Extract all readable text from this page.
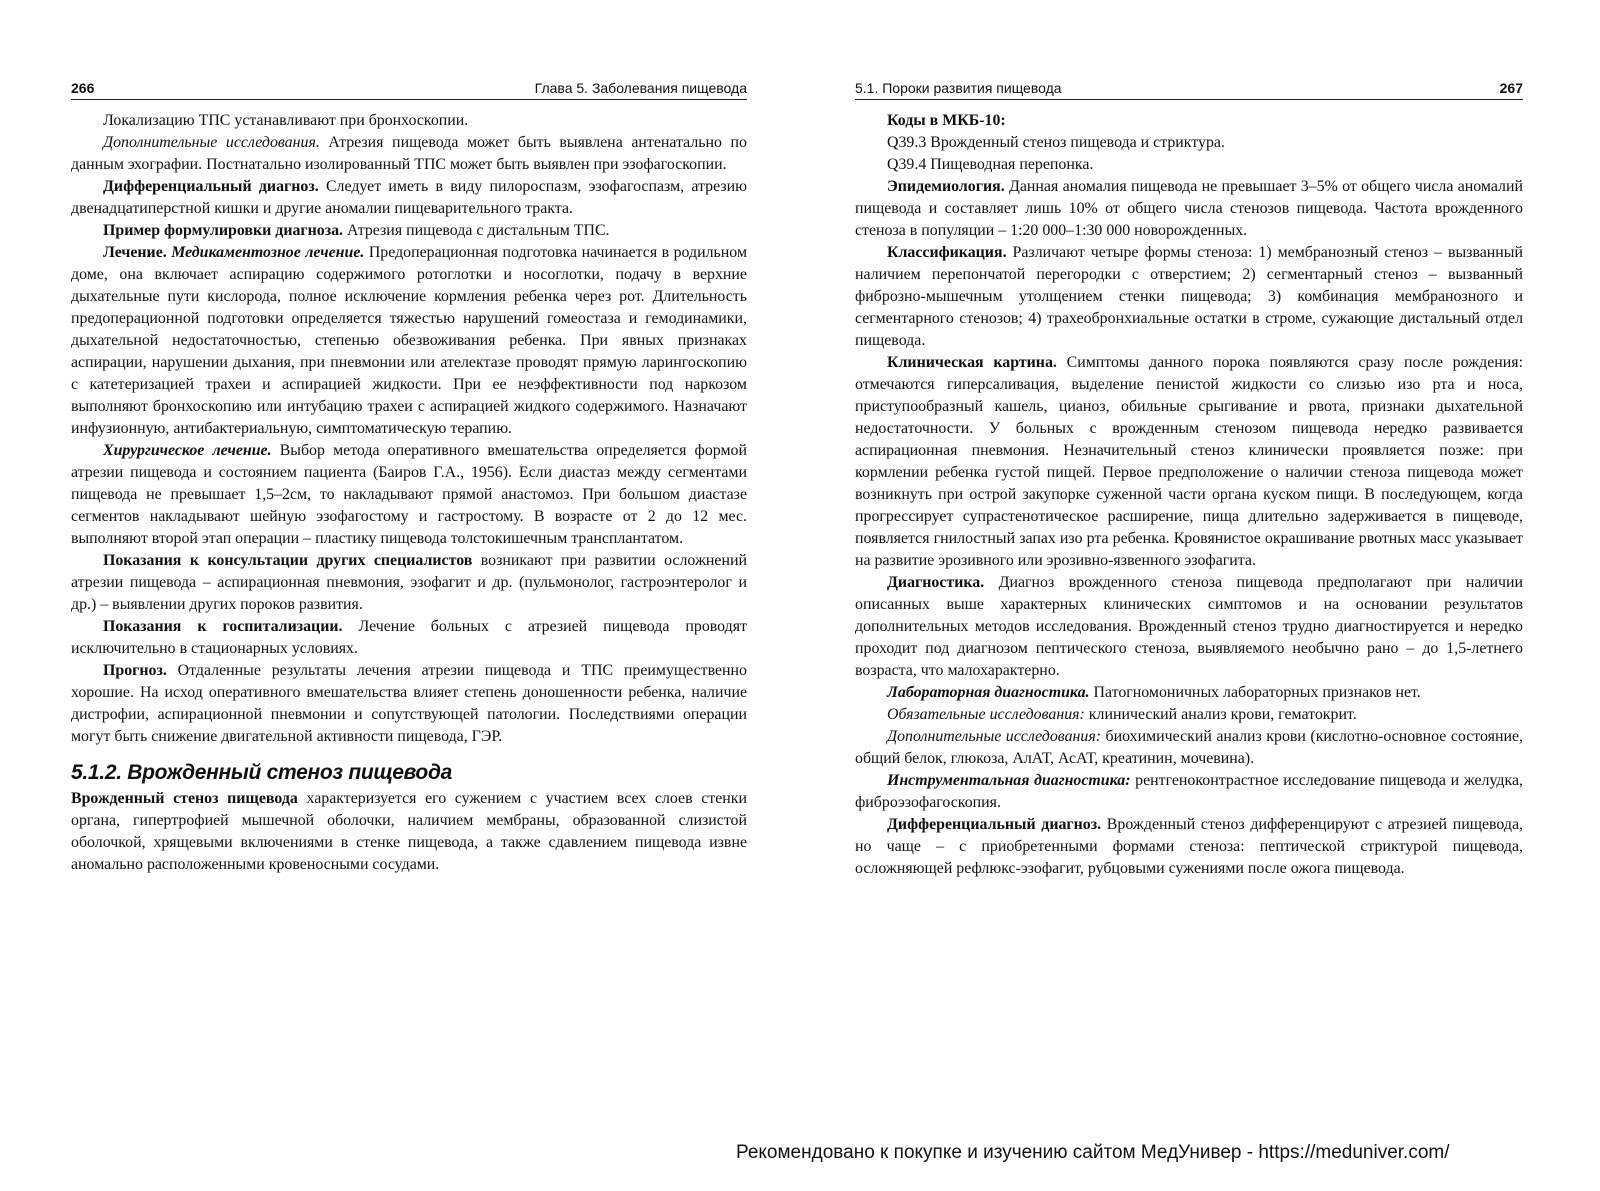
266	Глава 5. Заболевания пищевода

Локализацию ТПС устанавливают при бронхоскопии.

Дополнительные исследования. Атрезия пищевода может быть выявлена антенатально по данным эхографии. Постнатально изолированный ТПС может быть выявлен при эзофагоскопии.

Дифференциальный диагноз. Следует иметь в виду пилороспазм, эзофагоспазм, атрезию двенадцатиперстной кишки и другие аномалии пищеварительного тракта.

Пример формулировки диагноза. Атрезия пищевода с дистальным ТПС.

Лечение. Медикаментозное лечение. Предоперационная подготовка начинается в родильном доме, она включает аспирацию содержимого ротоглотки и носоглотки, подачу в верхние дыхательные пути кислорода, полное исключение кормления ребенка через рот. Длительность предоперационной подготовки определяется тяжестью нарушений гомеостаза и гемодинамики, дыхательной недостаточностью, степенью обезвоживания ребенка. При явных признаках аспирации, нарушении дыхания, при пневмонии или ателектазе проводят прямую ларингоскопию с катетеризацией трахеи и аспирацией жидкости. При ее неэффективности под наркозом выполняют бронхоскопию или интубацию трахеи с аспирацией жидкого содержимого. Назначают инфузионную, антибактериальную, симптоматическую терапию.

Хирургическое лечение. Выбор метода оперативного вмешательства определяется формой атрезии пищевода и состоянием пациента (Баиров Г.А., 1956). Если диастаз между сегментами пищевода не превышает 1,5–2см, то накладывают прямой анастомоз. При большом диастазе сегментов накладывают шейную эзофагостому и гастростому. В возрасте от 2 до 12 мес. выполняют второй этап операции – пластику пищевода толстокишечным трансплантатом.

Показания к консультации других специалистов возникают при развитии осложнений атрезии пищевода – аспирационная пневмония, эзофагит и др. (пульмонолог, гастроэнтеролог и др.) – выявлении других пороков развития.

Показания к госпитализации. Лечение больных с атрезией пищевода проводят исключительно в стационарных условиях.

Прогноз. Отдаленные результаты лечения атрезии пищевода и ТПС преимущественно хорошие. На исход оперативного вмешательства влияет степень доношенности ребенка, наличие дистрофии, аспирационной пневмонии и сопутствующей патологии. Последствиями операции могут быть снижение двигательной активности пищевода, ГЭР.

5.1.2. Врожденный стеноз пищевода

Врожденный стеноз пищевода характеризуется его сужением с участием всех слоев стенки органа, гипертрофией мышечной оболочки, наличием мембраны, образованной слизистой оболочкой, хрящевыми включениями в стенке пищевода, а также сдавлением пищевода извне аномально расположенными кровеносными сосудами.

5.1. Пороки развития пищевода	267

Коды в МКБ-10:

Q39.3 Врожденный стеноз пищевода и стриктура.

Q39.4 Пищеводная перепонка.

Эпидемиология. Данная аномалия пищевода не превышает 3–5% от общего числа аномалий пищевода и составляет лишь 10% от общего числа стенозов пищевода. Частота врожденного стеноза в популяции – 1:20 000–1:30 000 новорожденных.

Классификация. Различают четыре формы стеноза: 1) мембранозный стеноз – вызванный наличием перепончатой перегородки с отверстием; 2) сегментарный стеноз – вызванный фиброзно-мышечным утолщением стенки пищевода; 3) комбинация мембранозного и сегментарного стенозов; 4) трахеобронхиальные остатки в строме, сужающие дистальный отдел пищевода.

Клиническая картина. Симптомы данного порока появляются сразу после рождения: отмечаются гиперсаливация, выделение пенистой жидкости со слизью изо рта и носа, приступообразный кашель, цианоз, обильные срыгивание и рвота, признаки дыхательной недостаточности. У больных с врожденным стенозом пищевода нередко развивается аспирационная пневмония. Незначительный стеноз клинически проявляется позже: при кормлении ребенка густой пищей. Первое предположение о наличии стеноза пищевода может возникнуть при острой закупорке суженной части органа куском пищи. В последующем, когда прогрессирует супрастенотическое расширение, пища длительно задерживается в пищеводе, появляется гнилостный запах изо рта ребенка. Кровянистое окрашивание рвотных масс указывает на развитие эрозивного или эрозивно-язвенного эзофагита.

Диагностика. Диагноз врожденного стеноза пищевода предполагают при наличии описанных выше характерных клинических симптомов и на основании результатов дополнительных методов исследования. Врожденный стеноз трудно диагностируется и нередко проходит под диагнозом пептического стеноза, выявляемого необычно рано – до 1,5-летнего возраста, что малохарактерно.

Лабораторная диагностика. Патогномоничных лабораторных признаков нет.

Обязательные исследования: клинический анализ крови, гематокрит.

Дополнительные исследования: биохимический анализ крови (кислотно-основное состояние, общий белок, глюкоза, АлАТ, АсАТ, креатинин, мочевина).

Инструментальная диагностика: рентгеноконтрастное исследование пищевода и желудка, фиброэзофагоскопия.

Дифференциальный диагноз. Врожденный стеноз дифференцируют с атрезией пищевода, но чаще – с приобретенными формами стеноза: пептической стриктурой пищевода, осложняющей рефлюкс-эзофагит, рубцовыми сужениями после ожога пищевода.

Рекомендовано к покупке и изучению сайтом МедУнивер - https://meduniver.com/
